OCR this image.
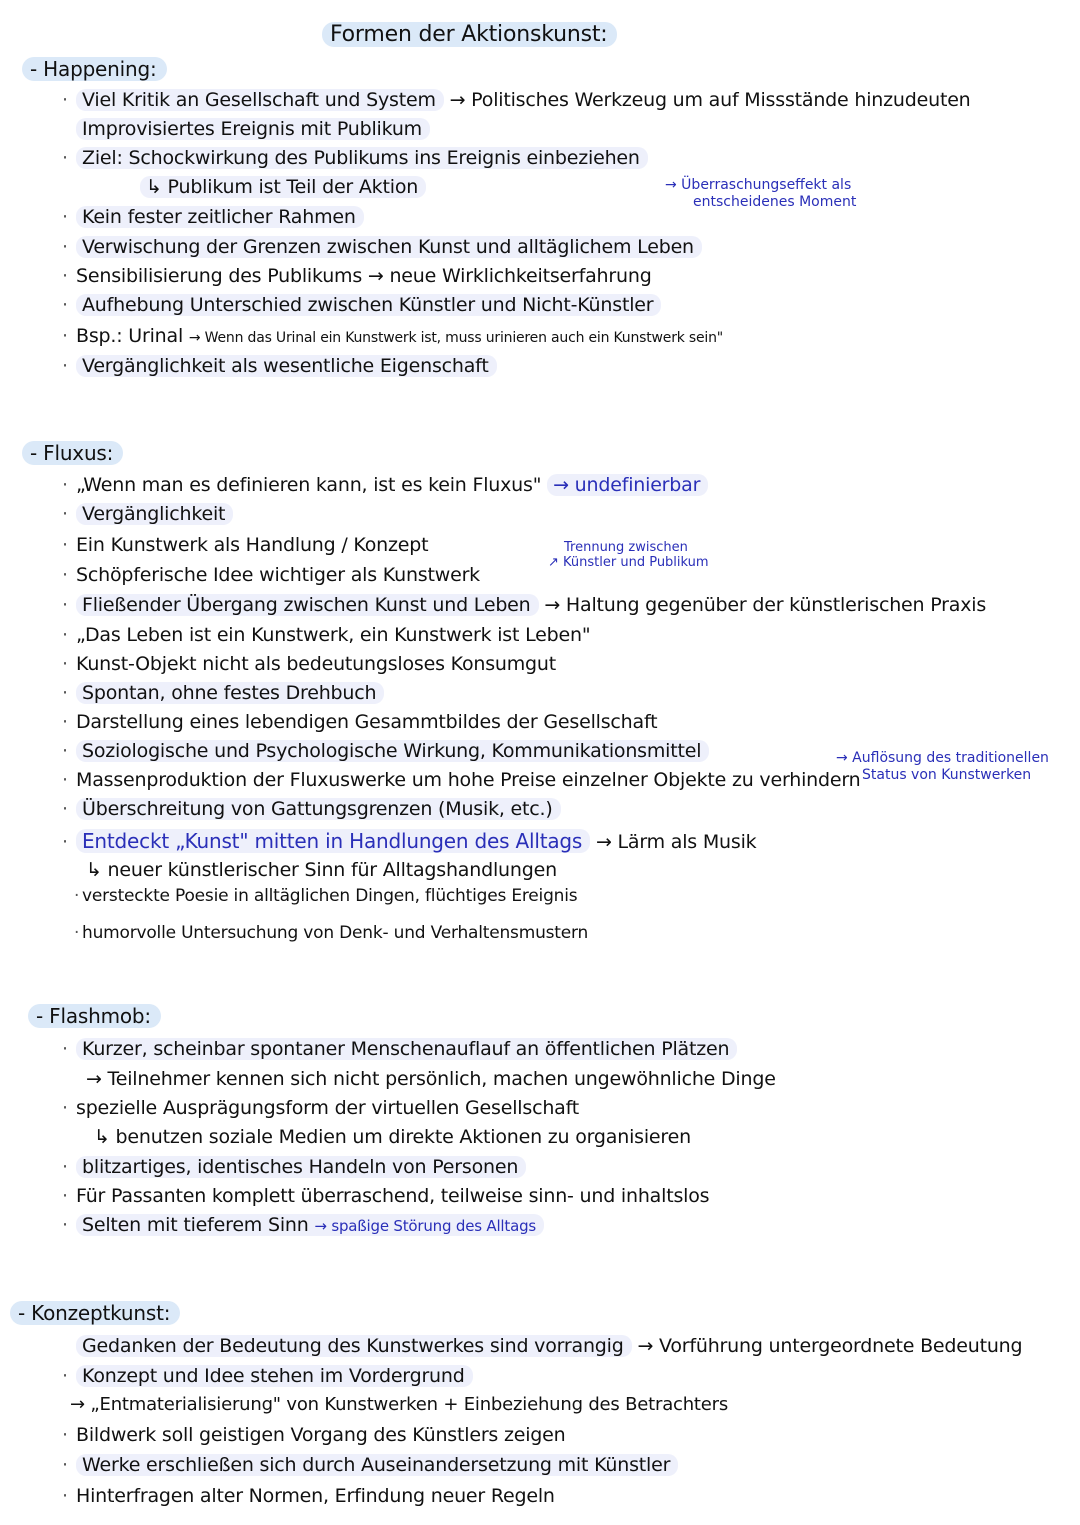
Formen der Aktionskunst:
- Happening:
· Viel Kritik an Gesellschaft und System → Politisches Werkzeug um auf Missstände hinzudeuten
Improvisiertes Ereignis mit Publikum
· Ziel: Schockwirkung des Publikums ins Ereignis einbeziehen
↳ Publikum ist Teil der Aktion	→ Überraschungseffekt als
entscheidenes Moment
· Kein fester zeitlicher Rahmen
· Verwischung der Grenzen zwischen Kunst und alltäglichem Leben
· Sensibilisierung des Publikums → neue Wirklichkeitserfahrung
· Aufhebung Unterschied zwischen Künstler und Nicht-Künstler
· Bsp.: Urinal → Wenn das Urinal ein Kunstwerk ist, muss urinieren auch ein Kunstwerk sein"
· Vergänglichkeit als wesentliche Eigenschaft
- Fluxus:
· „Wenn man es definieren kann, ist es kein Fluxus" → undefinierbar
· Vergänglichkeit
· Ein Kunstwerk als Handlung / Konzept	Trennung zwischen
↗ Künstler und Publikum
· Schöpferische Idee wichtiger als Kunstwerk
· Fließender Übergang zwischen Kunst und Leben → Haltung gegenüber der künstlerischen Praxis
· „Das Leben ist ein Kunstwerk, ein Kunstwerk ist Leben"
· Kunst-Objekt nicht als bedeutungsloses Konsumgut
· Spontan, ohne festes Drehbuch
· Darstellung eines lebendigen Gesammtbildes der Gesellschaft
· Soziologische und Psychologische Wirkung, Kommunikationsmittel	→ Auflösung des traditionellen
Status von Kunstwerken
· Massenproduktion der Fluxuswerke um hohe Preise einzelner Objekte zu verhindern
· Überschreitung von Gattungsgrenzen (Musik, etc.)
· Entdeckt „Kunst" mitten in Handlungen des Alltags → Lärm als Musik
↳ neuer künstlerischer Sinn für Alltagshandlungen
· versteckte Poesie in alltäglichen Dingen, flüchtiges Ereignis
· humorvolle Untersuchung von Denk- und Verhaltensmustern
- Flashmob:
· Kurzer, scheinbar spontaner Menschenauflauf an öffentlichen Plätzen
→ Teilnehmer kennen sich nicht persönlich, machen ungewöhnliche Dinge
· spezielle Ausprägungsform der virtuellen Gesellschaft
↳ benutzen soziale Medien um direkte Aktionen zu organisieren
· blitzartiges, identisches Handeln von Personen
· Für Passanten komplett überraschend, teilweise sinn- und inhaltslos
· Selten mit tieferem Sinn → spaßige Störung des Alltags
- Konzeptkunst:
Gedanken der Bedeutung des Kunstwerkes sind vorrangig → Vorführung untergeordnete Bedeutung
· Konzept und Idee stehen im Vordergrund
→ „Entmaterialisierung" von Kunstwerken + Einbeziehung des Betrachters
· Bildwerk soll geistigen Vorgang des Künstlers zeigen
· Werke erschließen sich durch Auseinandersetzung mit Künstler
· Hinterfragen alter Normen, Erfindung neuer Regeln
